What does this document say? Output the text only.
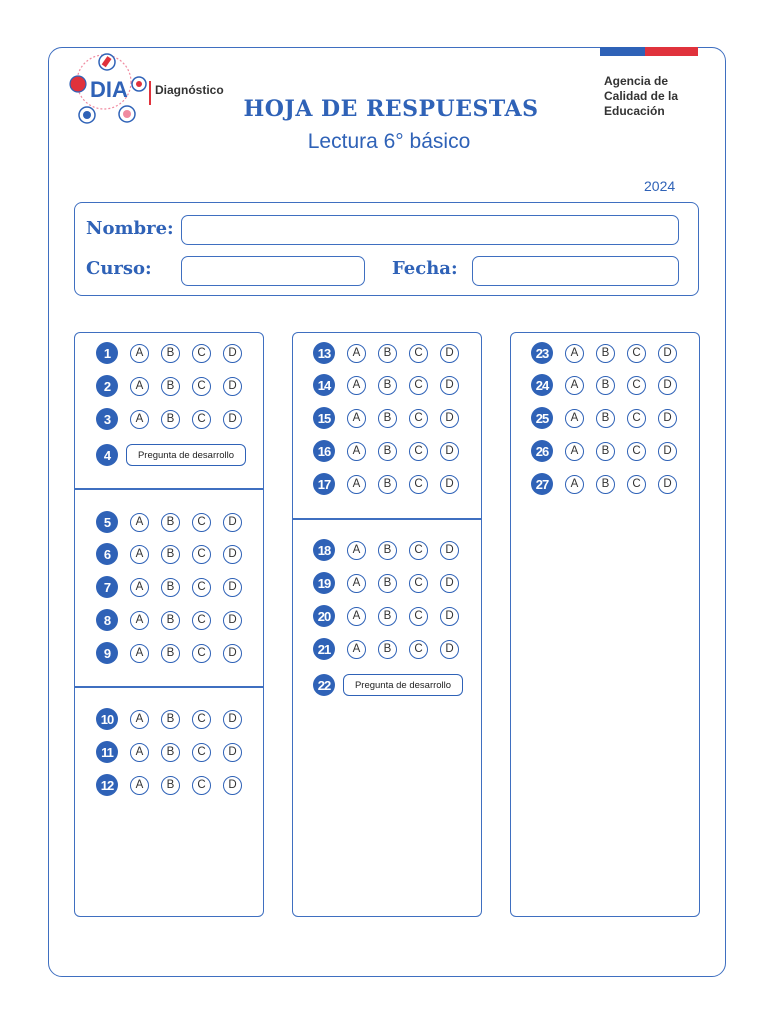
DIA Diagnóstico
HOJA DE RESPUESTAS
Lectura 6° básico
Agencia de
Calidad de la
Educación
2024
Nombre:
Curso:	Fecha:
1	A	B	C	D
2	A	B	C	D
3	A	B	C	D
4	Pregunta de desarrollo
5	A	B	C	D
6	A	B	C	D
7	A	B	C	D
8	A	B	C	D
9	A	B	C	D
10	A	B	C	D
11	A	B	C	D
12	A	B	C	D
13	A	B	C	D
14	A	B	C	D
15	A	B	C	D
16	A	B	C	D
17	A	B	C	D
18	A	B	C	D
19	A	B	C	D
20	A	B	C	D
21	A	B	C	D
22	Pregunta de desarrollo
23	A	B	C	D
24	A	B	C	D
25	A	B	C	D
26	A	B	C	D
27	A	B	C	D
